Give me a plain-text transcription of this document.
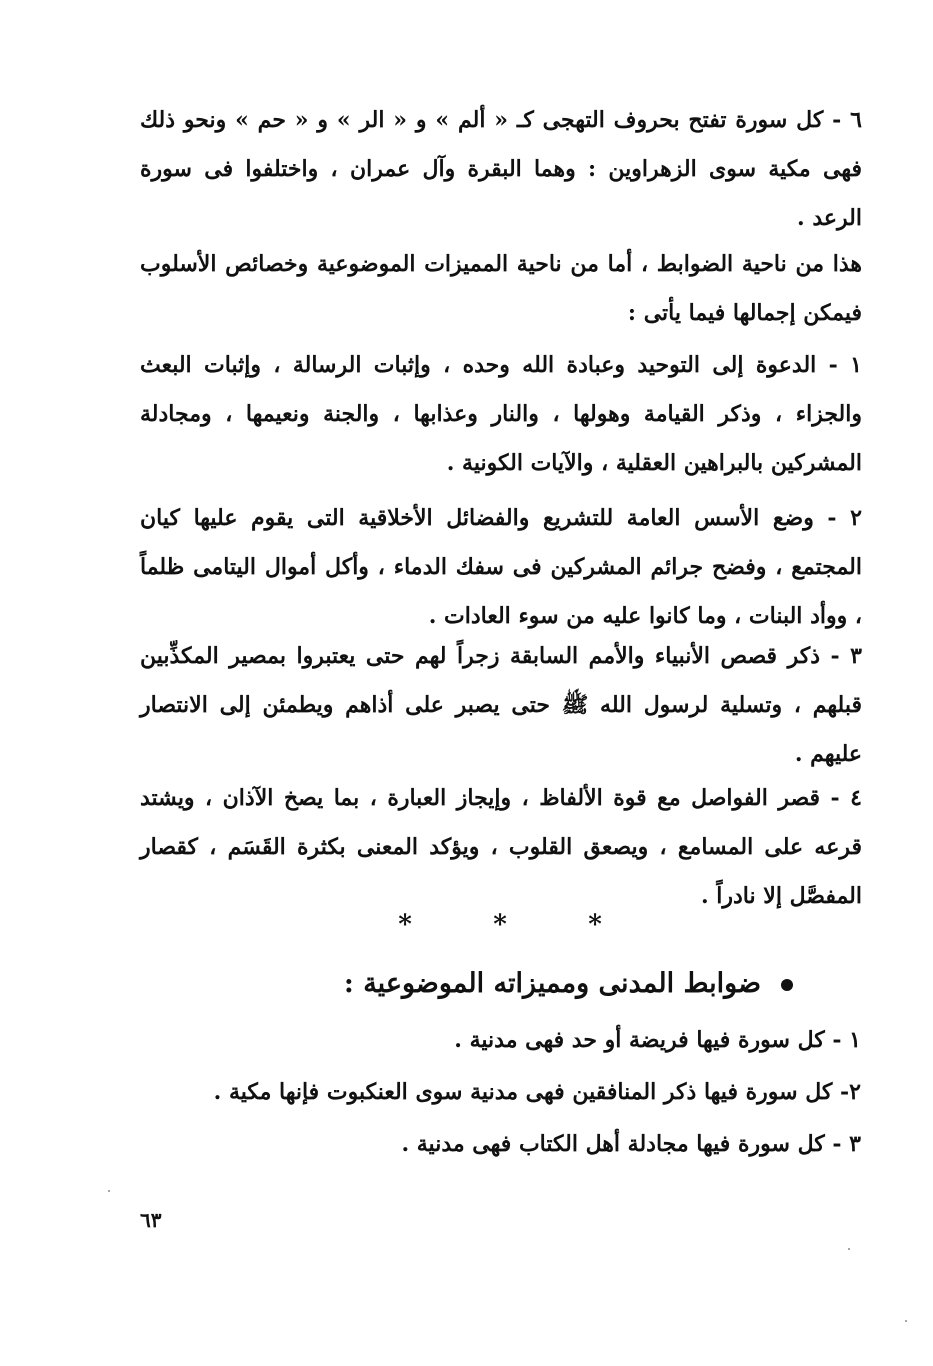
٦ - كل سورة تفتح بحروف التهجى كـ « ألم » و « الر » و « حم » ونحو ذلك فهى مكية سوى الزهراوين : وهما البقرة وآل عمران ، واختلفوا فى سورة الرعد .

هذا من ناحية الضوابط ، أما من ناحية المميزات الموضوعية وخصائص الأسلوب فيمكن إجمالها فيما يأتى :

١ - الدعوة إلى التوحيد وعبادة الله وحده ، وإثبات الرسالة ، وإثبات البعث والجزاء ، وذكر القيامة وهولها ، والنار وعذابها ، والجنة ونعيمها ، ومجادلة المشركين بالبراهين العقلية ، والآيات الكونية .

٢ - وضع الأسس العامة للتشريع والفضائل الأخلاقية التى يقوم عليها كيان المجتمع ، وفضح جرائم المشركين فى سفك الدماء ، وأكل أموال اليتامى ظلماً ، ووأد البنات ، وما كانوا عليه من سوء العادات .

٣ - ذكر قصص الأنبياء والأمم السابقة زجراً لهم حتى يعتبروا بمصير المكذِّبين قبلهم ، وتسلية لرسول الله ﷺ حتى يصبر على أذاهم ويطمئن إلى الانتصار عليهم .

٤ - قصر الفواصل مع قوة الألفاظ ، وإيجاز العبارة ، بما يصخ الآذان ، ويشتد قرعه على المسامع ، ويصعق القلوب ، ويؤكد المعنى بكثرة القَسَم ، كقصار المفصَّل إلا نادراً .

*	*	*
ضوابط المدنى ومميزاته الموضوعية :

١ - كل سورة فيها فريضة أو حد فهى مدنية .

٢- كل سورة فيها ذكر المنافقين فهى مدنية سوى العنكبوت فإنها مكية .

٣ - كل سورة فيها مجادلة أهل الكتاب فهى مدنية .

٦٣
